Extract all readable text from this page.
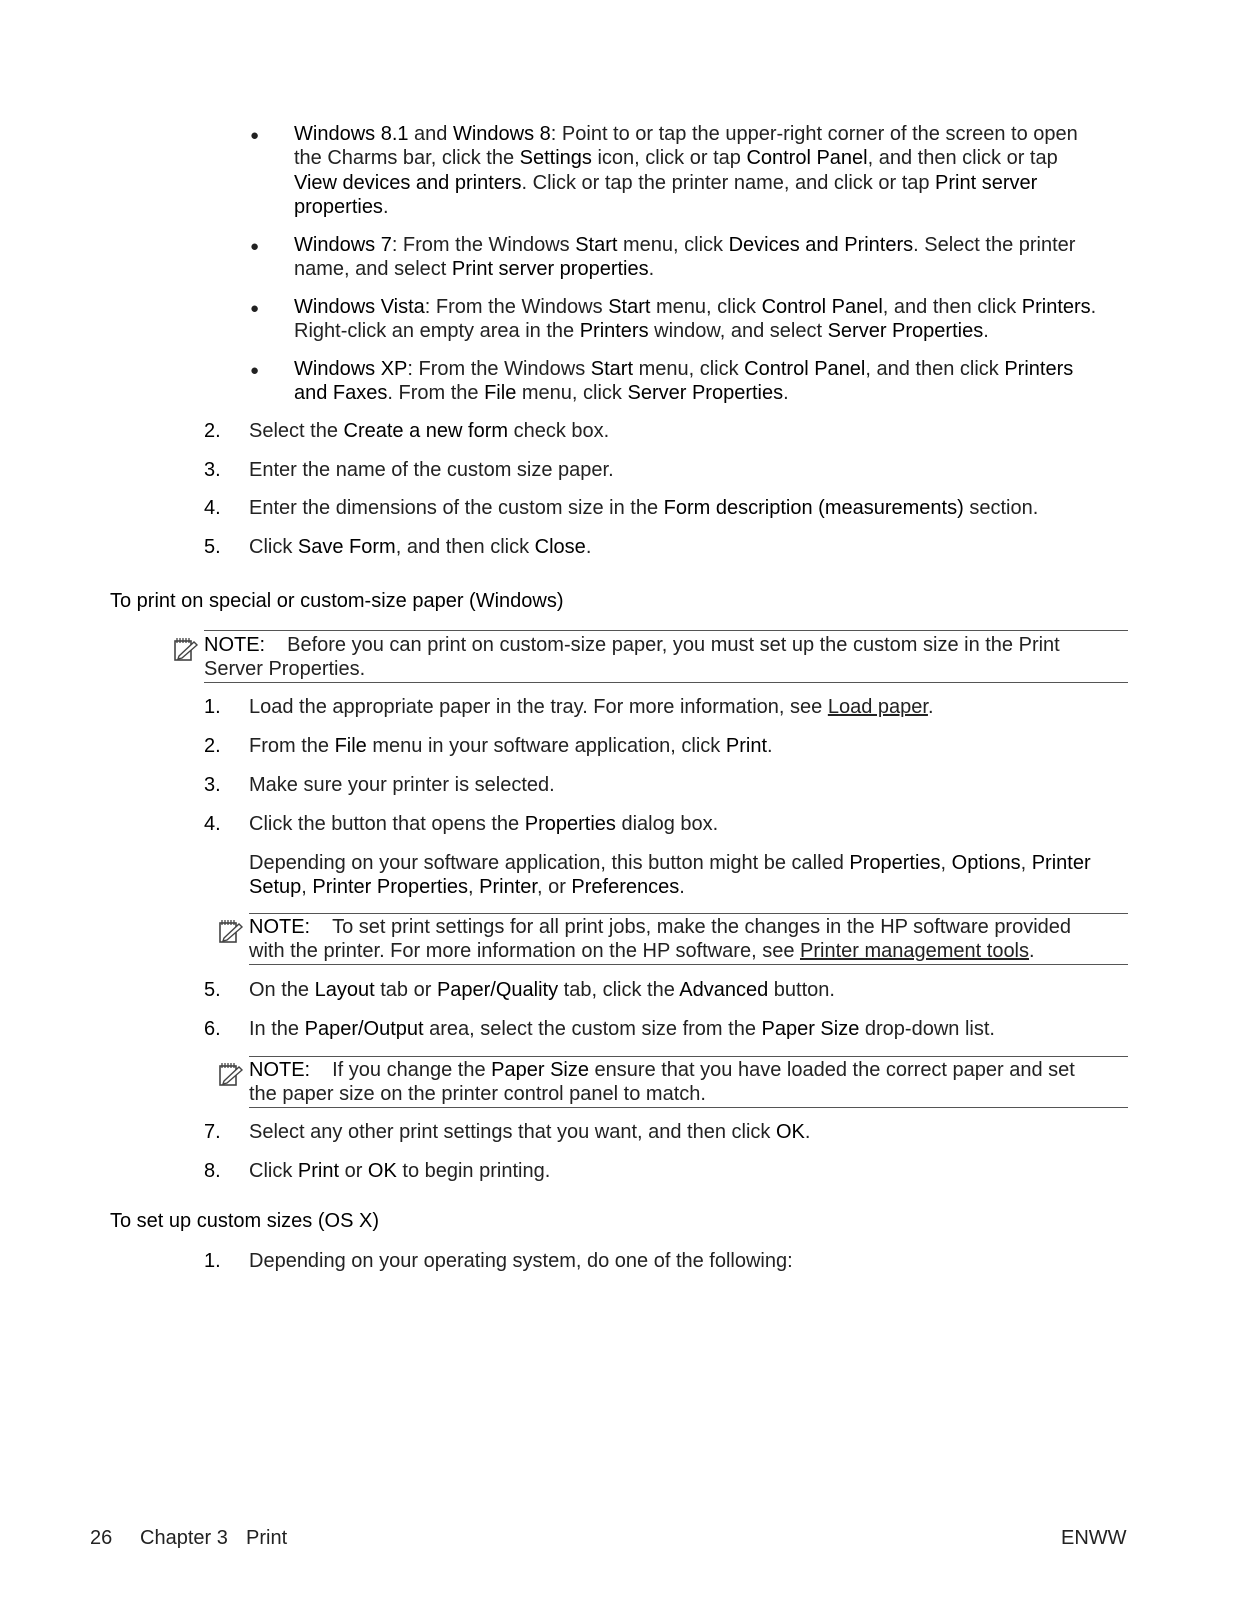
● Windows 8.1 and Windows 8: Point to or tap the upper-right corner of the screen to open
the Charms bar, click the Settings icon, click or tap Control Panel, and then click or tap
View devices and printers. Click or tap the printer name, and click or tap Print server
properties.
● Windows 7: From the Windows Start menu, click Devices and Printers. Select the printer
name, and select Print server properties.
● Windows Vista: From the Windows Start menu, click Control Panel, and then click Printers.
Right-click an empty area in the Printers window, and select Server Properties.
● Windows XP: From the Windows Start menu, click Control Panel, and then click Printers
and Faxes. From the File menu, click Server Properties.
2. Select the Create a new form check box.
3. Enter the name of the custom size paper.
4. Enter the dimensions of the custom size in the Form description (measurements) section.
5. Click Save Form, and then click Close.
To print on special or custom-size paper (Windows)
NOTE: Before you can print on custom-size paper, you must set up the custom size in the Print
Server Properties.
1. Load the appropriate paper in the tray. For more information, see Load paper.
2. From the File menu in your software application, click Print.
3. Make sure your printer is selected.
4. Click the button that opens the Properties dialog box.
Depending on your software application, this button might be called Properties, Options, Printer
Setup, Printer Properties, Printer, or Preferences.
NOTE: To set print settings for all print jobs, make the changes in the HP software provided
with the printer. For more information on the HP software, see Printer management tools.
5. On the Layout tab or Paper/Quality tab, click the Advanced button.
6. In the Paper/Output area, select the custom size from the Paper Size drop-down list.
NOTE: If you change the Paper Size ensure that you have loaded the correct paper and set
the paper size on the printer control panel to match.
7. Select any other print settings that you want, and then click OK.
8. Click Print or OK to begin printing.
To set up custom sizes (OS X)
1. Depending on your operating system, do one of the following:
26 Chapter 3 Print	ENWW
